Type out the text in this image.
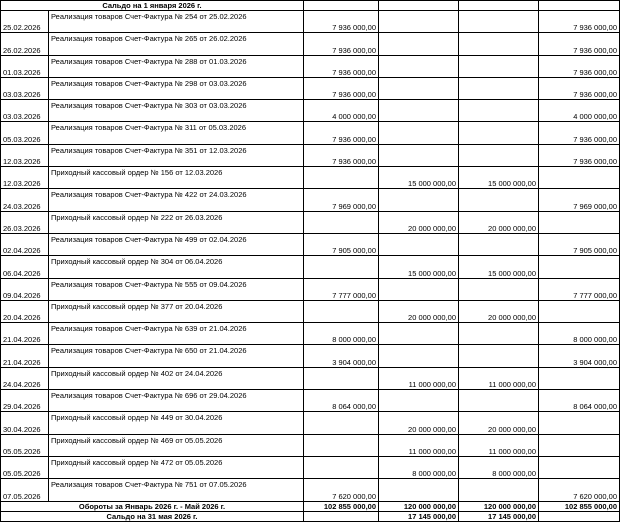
Сальдо на 1 января 2026 г.					
25.02.2026	Реализация товаров Счет-Фактура № 254 от 25.02.2026	7 936 000,00			7 936 000,00
26.02.2026	Реализация товаров Счет-Фактура № 265 от 26.02.2026	7 936 000,00			7 936 000,00
01.03.2026	Реализация товаров Счет-Фактура № 288 от 01.03.2026	7 936 000,00			7 936 000,00
03.03.2026	Реализация товаров Счет-Фактура № 298 от 03.03.2026	7 936 000,00			7 936 000,00
03.03.2026	Реализация товаров Счет-Фактура № 303 от 03.03.2026	4 000 000,00			4 000 000,00
05.03.2026	Реализация товаров Счет-Фактура № 311 от 05.03.2026	7 936 000,00			7 936 000,00
12.03.2026	Реализация товаров Счет-Фактура № 351 от 12.03.2026	7 936 000,00			7 936 000,00
12.03.2026	Приходный кассовый ордер № 156 от 12.03.2026		15 000 000,00	15 000 000,00	
24.03.2026	Реализация товаров Счет-Фактура № 422 от 24.03.2026	7 969 000,00			7 969 000,00
26.03.2026	Приходный кассовый ордер № 222 от 26.03.2026		20 000 000,00	20 000 000,00	
02.04.2026	Реализация товаров Счет-Фактура № 499 от 02.04.2026	7 905 000,00			7 905 000,00
06.04.2026	Приходный кассовый ордер № 304 от 06.04.2026		15 000 000,00	15 000 000,00	
09.04.2026	Реализация товаров Счет-Фактура № 555 от 09.04.2026	7 777 000,00			7 777 000,00
20.04.2026	Приходный кассовый ордер № 377 от 20.04.2026		20 000 000,00	20 000 000,00	
21.04.2026	Реализация товаров Счет-Фактура № 639 от 21.04.2026	8 000 000,00			8 000 000,00
21.04.2026	Реализация товаров Счет-Фактура № 650 от 21.04.2026	3 904 000,00			3 904 000,00
24.04.2026	Приходный кассовый ордер № 402 от 24.04.2026		11 000 000,00	11 000 000,00	
29.04.2026	Реализация товаров Счет-Фактура № 696 от 29.04.2026	8 064 000,00			8 064 000,00
30.04.2026	Приходный кассовый ордер № 449 от 30.04.2026		20 000 000,00	20 000 000,00	
05.05.2026	Приходный кассовый ордер № 469 от 05.05.2026		11 000 000,00	11 000 000,00	
05.05.2026	Приходный кассовый ордер № 472 от 05.05.2026		8 000 000,00	8 000 000,00	
07.05.2026	Реализация товаров Счет-Фактура № 751 от 07.05.2026	7 620 000,00			7 620 000,00
Обороты за Январь 2026 г. - Май 2026 г.		102 855 000,00	120 000 000,00	120 000 000,00	102 855 000,00
Сальдо на 31 мая 2026 г.			17 145 000,00	17 145 000,00	
